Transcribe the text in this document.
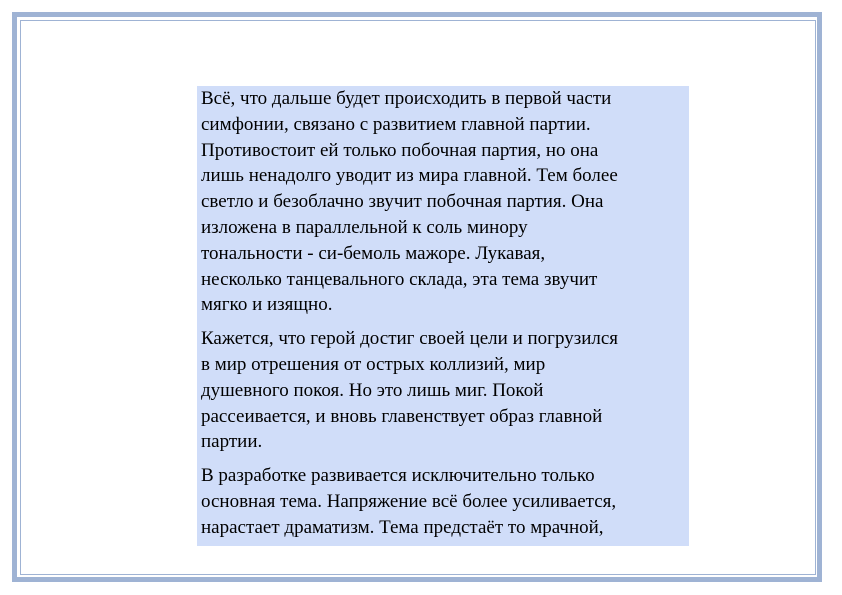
Всё, что дальше будет происходить в первой части
симфонии, связано с развитием главной партии.
Противостоит ей только побочная партия, но она
лишь ненадолго уводит из мира главной. Тем более
светло и безоблачно звучит побочная партия. Она
изложена в параллельной к соль минору
тональности - си-бемоль мажоре. Лукавая,
несколько танцевального склада, эта тема звучит
мягко и изящно.

Кажется, что герой достиг своей цели и погрузился
в мир отрешения от острых коллизий, мир
душевного покоя. Но это лишь миг. Покой
рассеивается, и вновь главенствует образ главной
партии.

В разработке развивается исключительно только
основная тема. Напряжение всё более усиливается,
нарастает драматизм. Тема предстаёт то мрачной,
